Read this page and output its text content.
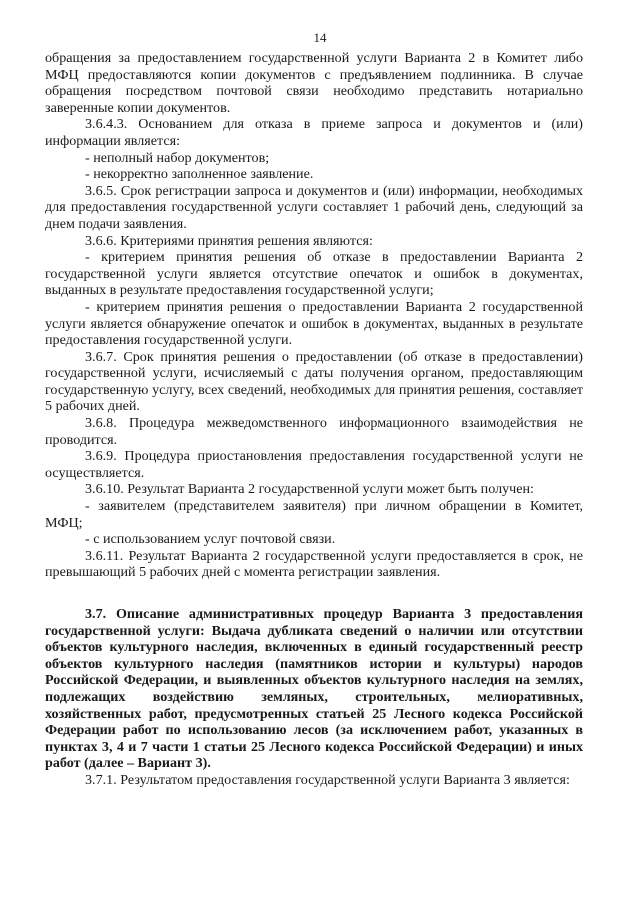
14

обращения за предоставлением государственной услуги Варианта 2 в Комитет либо МФЦ предоставляются копии документов с предъявлением подлинника. В случае обращения посредством почтовой связи необходимо представить нотариально заверенные копии документов.

3.6.4.3. Основанием для отказа в приеме запроса и документов и (или) информации является:

- неполный набор документов;

- некорректно заполненное заявление.

3.6.5. Срок регистрации запроса и документов и (или) информации, необходимых для предоставления государственной услуги составляет 1 рабочий день, следующий за днем подачи заявления.

3.6.6. Критериями принятия решения являются:

- критерием принятия решения об отказе в предоставлении Варианта 2 государственной услуги является отсутствие опечаток и ошибок в документах, выданных в результате предоставления государственной услуги;

- критерием принятия решения о предоставлении Варианта 2 государственной услуги является обнаружение опечаток и ошибок в документах, выданных в результате предоставления государственной услуги.

3.6.7. Срок принятия решения о предоставлении (об отказе в предоставлении) государственной услуги, исчисляемый с даты получения органом, предоставляющим государственную услугу, всех сведений, необходимых для принятия решения, составляет 5 рабочих дней.

3.6.8. Процедура межведомственного информационного взаимодействия не проводится.

3.6.9. Процедура приостановления предоставления государственной услуги не осуществляется.

3.6.10. Результат Варианта 2 государственной услуги может быть получен:

- заявителем (представителем заявителя) при личном обращении в Комитет, МФЦ;

- с использованием услуг почтовой связи.

3.6.11. Результат Варианта 2 государственной услуги предоставляется в срок, не превышающий 5 рабочих дней с момента регистрации заявления.

3.7. Описание административных процедур Варианта 3 предоставления государственной услуги: Выдача дубликата сведений о наличии или отсутствии объектов культурного наследия, включенных в единый государственный реестр объектов культурного наследия (памятников истории и культуры) народов Российской Федерации, и выявленных объектов культурного наследия на землях, подлежащих воздействию земляных, строительных, мелиоративных, хозяйственных работ, предусмотренных статьей 25 Лесного кодекса Российской Федерации работ по использованию лесов (за исключением работ, указанных в пунктах 3, 4 и 7 части 1 статьи 25 Лесного кодекса Российской Федерации) и иных работ (далее – Вариант 3).

3.7.1. Результатом предоставления государственной услуги Варианта 3 является:
